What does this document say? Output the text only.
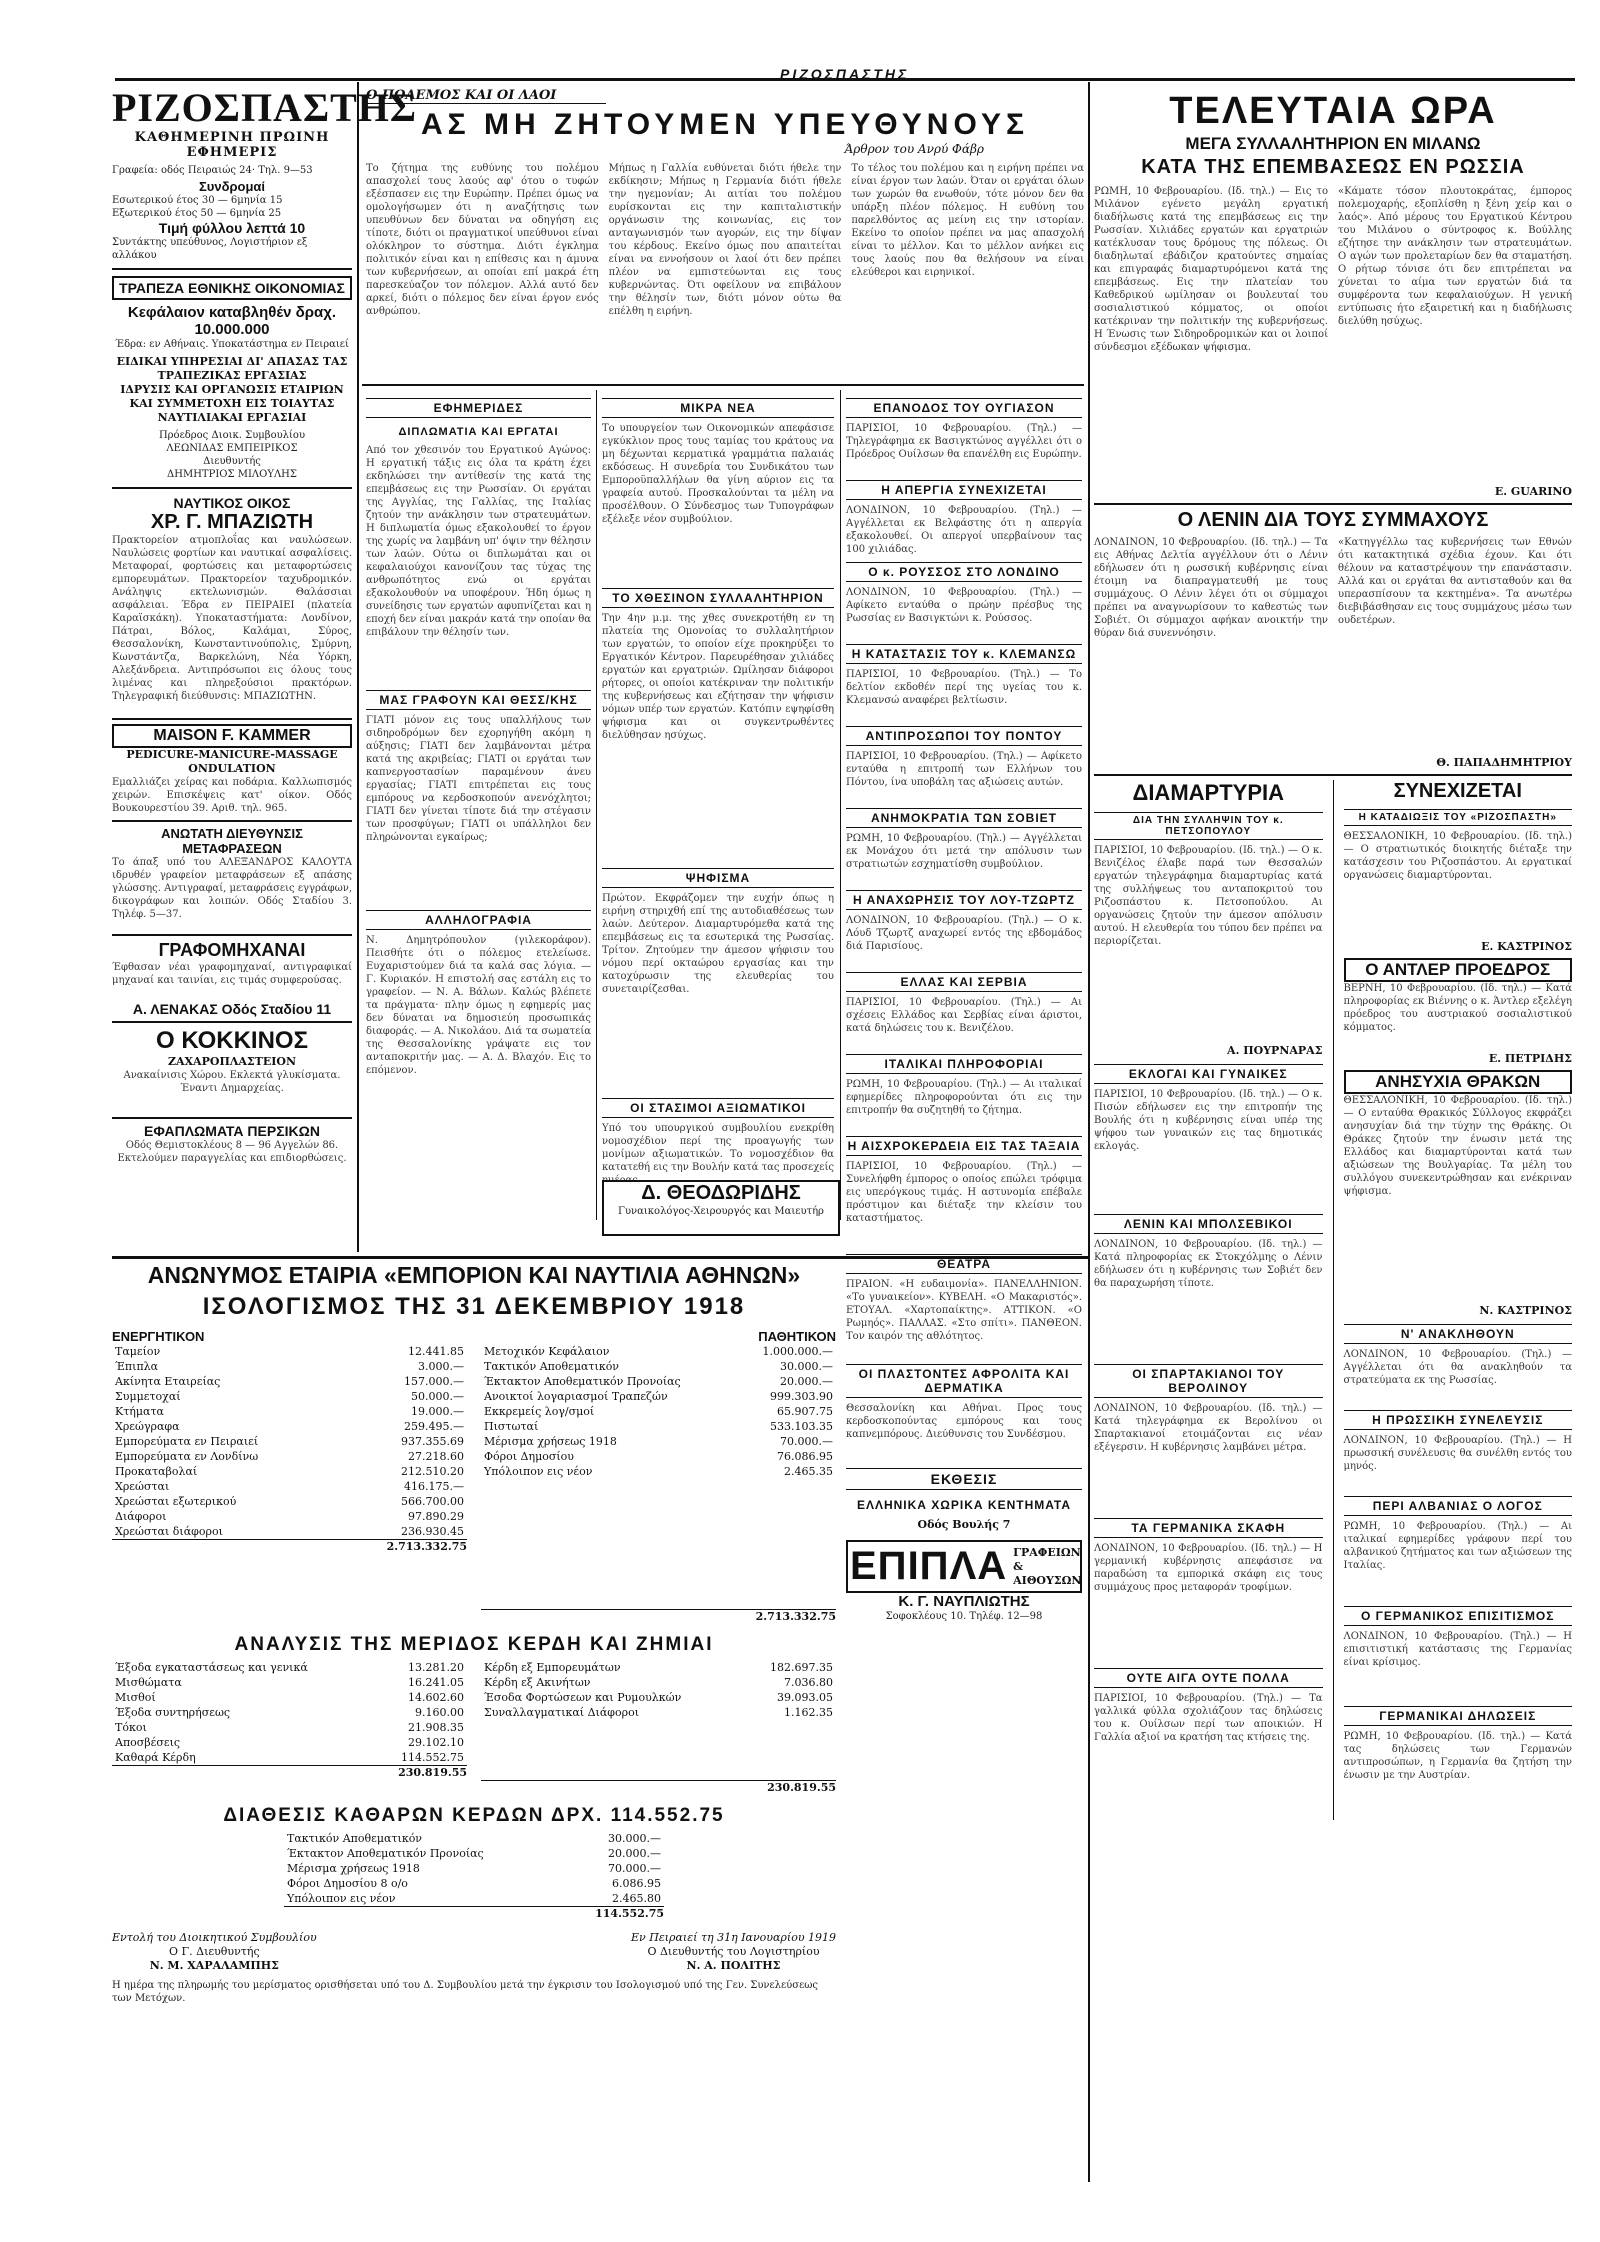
ΡΙΖΟΣΠΑΣΤΗΣ
ΡΙΖΟΣΠΑΣΤΗΣ
ΚΑΘΗΜΕΡΙΝΗ ΠΡΩΙΝΗ ΕΦΗΜΕΡΙΣ
Γραφεία: οδός Πειραιώς 24· Τηλ. 9—53
Συνδρομαί
Εσωτερικού έτος 30 — 6μηνία 15
Εξωτερικού έτος 50 — 6μηνία 25
Τιμή φύλλου λεπτά 10
Συντάκτης υπεύθυνος, Λογιστήριον εξ αλλάκου
ΤΡΑΠΕΖΑ ΕΘΝΙΚΗΣ ΟΙΚΟΝΟΜΙΑΣ
Κεφάλαιον καταβληθέν δραχ. 10.000.000
Έδρα: εν Αθήναις. Υποκατάστημα εν Πειραιεί
ΕΙΔΙΚΑΙ ΥΠΗΡΕΣΙΑΙ ΔΙ' ΑΠΑΣΑΣ ΤΑΣ ΤΡΑΠΕΖΙΚΑΣ ΕΡΓΑΣΙΑΣ
ΙΔΡΥΣΙΣ ΚΑΙ ΟΡΓΑΝΩΣΙΣ ΕΤΑΙΡΙΩΝ ΚΑΙ ΣΥΜΜΕΤΟΧΗ ΕΙΣ ΤΟΙΑΥΤΑΣ
ΝΑΥΤΙΛΙΑΚΑΙ ΕΡΓΑΣΙΑΙ
Πρόεδρος Διοικ. Συμβουλίου
ΛΕΩΝΙΔΑΣ ΕΜΠΕΙΡΙΚΟΣ
Διευθυντής
ΔΗΜΗΤΡΙΟΣ ΜΙΛΟΥΛΗΣ
ΝΑΥΤΙΚΟΣ ΟΙΚΟΣ
ΧΡ. Γ. ΜΠΑΖΙΩΤΗ
Πρακτορείον ατμοπλοΐας και ναυλώσεων. Ναυλώσεις φορτίων και ναυτικαί ασφαλίσεις. Μεταφοραί, φορτώσεις και μεταφορτώσεις εμπορευμάτων. Πρακτορείον ταχυδρομικόν. Ανάληψις εκτελωνισμών. Θαλάσσιαι ασφάλειαι. Έδρα εν ΠΕΙΡΑΙΕΙ (πλατεία Καραϊσκάκη). Υποκαταστήματα: Λονδίνον, Πάτραι, Βόλος, Καλάμαι, Σύρος, Θεσσαλονίκη, Κωνσταντινούπολις, Σμύρνη, Κωνστάντζα, Βαρκελώνη, Νέα Υόρκη, Αλεξάνδρεια. Αντιπρόσωποι εις όλους τους λιμένας και πληρεξούσιοι πρακτόρων. Τηλεγραφική διεύθυνσις: ΜΠΑΖΙΩΤΗΝ.
MAISON F. KAMMER
PEDICURE-MANICURE-MASSAGE ONDULATION
Εμαλλιάζει χείρας και ποδάρια. Καλλωπισμός χειρών. Επισκέψεις κατ' οίκον. Οδός Βουκουρεστίου 39. Αριθ. τηλ. 965.
ΑΝΩΤΑΤΗ ΔΙΕΥΘΥΝΣΙΣ ΜΕΤΑΦΡΑΣΕΩΝ
Το άπαξ υπό του ΑΛΕΞΑΝΔΡΟΣ ΚΑΛΟΥΤΑ ιδρυθέν γραφείον μεταφράσεων εξ απάσης γλώσσης. Αντιγραφαί, μεταφράσεις εγγράφων, δικογράφων και λοιπών. Οδός Σταδίου 3. Τηλέφ. 5—37.
ΓΡΑΦΟΜΗΧΑΝΑΙ
Έφθασαν νέαι γραφομηχαναί, αντιγραφικαί μηχαναί και ταινίαι, εις τιμάς συμφερούσας.
Α. ΛΕΝΑΚΑΣ Οδός Σταδίου 11
Ο ΚΟΚΚΙΝΟΣ
ΖΑΧΑΡΟΠΛΑΣΤΕΙΟΝ
Ανακαίνισις Χώρου. Εκλεκτά γλυκίσματα. Έναντι Δημαρχείας.
ΕΦΑΠΛΩΜΑΤΑ ΠΕΡΣΙΚΩΝ
Οδός Θεμιστοκλέους 8 — 96 Αγγελών 86. Εκτελούμεν παραγγελίας και επιδιορθώσεις.
Ο ΠΟΛΕΜΟΣ ΚΑΙ ΟΙ ΛΑΟΙ
ΑΣ ΜΗ ΖΗΤΟΥΜΕΝ ΥΠΕΥΘΥΝΟΥΣ
Άρθρον του Ανρύ Φάβρ
Το ζήτημα της ευθύνης του πολέμου απασχολεί τους λαούς αφ' ότου ο τυφών εξέσπασεν εις την Ευρώπην. Πρέπει όμως να ομολογήσωμεν ότι η αναζήτησις των υπευθύνων δεν δύναται να οδηγήση εις τίποτε, διότι οι πραγματικοί υπεύθυνοι είναι ολόκληρον το σύστημα. Διότι έγκλημα πολιτικόν είναι και η επίθεσις και η άμυνα των κυβερνήσεων, αι οποίαι επί μακρά έτη παρεσκεύαζον τον πόλεμον. Αλλά αυτό δεν αρκεί, διότι ο πόλεμος δεν είναι έργον ενός ανθρώπου.
Μήπως η Γαλλία ευθύνεται διότι ήθελε την εκδίκησιν; Μήπως η Γερμανία διότι ήθελε την ηγεμονίαν; Αι αιτίαι του πολέμου ευρίσκονται εις την καπιταλιστικήν οργάνωσιν της κοινωνίας, εις τον ανταγωνισμόν των αγορών, εις την δίψαν του κέρδους. Εκείνο όμως που απαιτείται είναι να εννοήσουν οι λαοί ότι δεν πρέπει πλέον να εμπιστεύωνται εις τους κυβερνώντας. Ότι οφείλουν να επιβάλουν την θέλησίν των, διότι μόνον ούτω θα επέλθη η ειρήνη.
Το τέλος του πολέμου και η ειρήνη πρέπει να είναι έργον των λαών. Όταν οι εργάται όλων των χωρών θα ενωθούν, τότε μόνον δεν θα υπάρξη πλέον πόλεμος. Η ευθύνη του παρελθόντος ας μείνη εις την ιστορίαν. Εκείνο το οποίον πρέπει να μας απασχολή είναι το μέλλον. Και το μέλλον ανήκει εις τους λαούς που θα θελήσουν να είναι ελεύθεροι και ειρηνικοί.
ΕΦΗΜΕΡΙΔΕΣ
ΔΙΠΛΩΜΑΤΙΑ ΚΑΙ ΕΡΓΑΤΑΙ
Από τον χθεσινόν του Εργατικού Αγώνος: Η εργατική τάξις εις όλα τα κράτη έχει εκδηλώσει την αντίθεσίν της κατά της επεμβάσεως εις την Ρωσσίαν. Οι εργάται της Αγγλίας, της Γαλλίας, της Ιταλίας ζητούν την ανάκλησιν των στρατευμάτων. Η διπλωματία όμως εξακολουθεί το έργον της χωρίς να λαμβάνη υπ' όψιν την θέλησιν των λαών. Ούτω οι διπλωμάται και οι κεφαλαιούχοι κανονίζουν τας τύχας της ανθρωπότητος ενώ οι εργάται εξακολουθούν να υποφέρουν. Ήδη όμως η συνείδησις των εργατών αφυπνίζεται και η εποχή δεν είναι μακράν κατά την οποίαν θα επιβάλουν την θέλησίν των.
ΜΑΣ ΓΡΑΦΟΥΝ ΚΑΙ ΘΕΣΣ/ΚΗΣ
ΓΙΑΤΙ μόνον εις τους υπαλλήλους των σιδηροδρόμων δεν εχορηγήθη ακόμη η αύξησις; ΓΙΑΤΙ δεν λαμβάνονται μέτρα κατά της ακριβείας; ΓΙΑΤΙ οι εργάται των καπνεργοστασίων παραμένουν άνευ εργασίας; ΓΙΑΤΙ επιτρέπεται εις τους εμπόρους να κερδοσκοπούν ανενόχλητοι; ΓΙΑΤΙ δεν γίνεται τίποτε διά την στέγασιν των προσφύγων; ΓΙΑΤΙ οι υπάλληλοι δεν πληρώνονται εγκαίρως;
ΑΛΛΗΛΟΓΡΑΦΙΑ
Ν. Δημητρόπουλον (γιλεκοράφον). Πεισθήτε ότι ο πόλεμος ετελείωσε. Ευχαριστούμεν διά τα καλά σας λόγια. — Γ. Κυριακόν. Η επιστολή σας εστάλη εις το γραφείον. — Ν. Α. Βάλων. Καλώς βλέπετε τα πράγματα· πλην όμως η εφημερίς μας δεν δύναται να δημοσιεύη προσωπικάς διαφοράς. — Α. Νικολάου. Διά τα σωματεία της Θεσσαλονίκης γράψατε εις τον ανταποκριτήν μας. — Α. Δ. Βλαχόν. Εις το επόμενον.
ΜΙΚΡΑ ΝΕΑ
Το υπουργείον των Οικονομικών απεφάσισε εγκύκλιον προς τους ταμίας του κράτους να μη δέχωνται κερματικά γραμμάτια παλαιάς εκδόσεως. Η συνεδρία του Συνδικάτου των Εμποροϋπαλλήλων θα γίνη αύριον εις τα γραφεία αυτού. Προσκαλούνται τα μέλη να προσέλθουν. Ο Σύνδεσμος των Τυπογράφων εξέλεξε νέον συμβούλιον.
ΤΟ ΧΘΕΣΙΝΟΝ ΣΥΛΛΑΛΗΤΗΡΙΟΝ
Την 4ην μ.μ. της χθες συνεκροτήθη εν τη πλατεία της Ομονοίας το συλλαλητήριον των εργατών, το οποίον είχε προκηρύξει το Εργατικόν Κέντρον. Παρευρέθησαν χιλιάδες εργατών και εργατριών. Ωμίλησαν διάφοροι ρήτορες, οι οποίοι κατέκριναν την πολιτικήν της κυβερνήσεως και εζήτησαν την ψήφισιν νόμων υπέρ των εργατών. Κατόπιν εψηφίσθη ψήφισμα και οι συγκεντρωθέντες διελύθησαν ησύχως.
ΨΗΦΙΣΜΑ
Πρώτον. Εκφράζομεν την ευχήν όπως η ειρήνη στηριχθή επί της αυτοδιαθέσεως των λαών. Δεύτερον. Διαμαρτυρόμεθα κατά της επεμβάσεως εις τα εσωτερικά της Ρωσσίας. Τρίτον. Ζητούμεν την άμεσον ψήφισιν του νόμου περί οκταώρου εργασίας και την κατοχύρωσιν της ελευθερίας του συνεταιρίζεσθαι.
ΟΙ ΣΤΑΣΙΜΟΙ ΑΞΙΩΜΑΤΙΚΟΙ
Υπό του υπουργικού συμβουλίου ενεκρίθη νομοσχέδιον περί της προαγωγής των μονίμων αξιωματικών. Το νομοσχέδιον θα κατατεθή εις την Βουλήν κατά τας προσεχείς
ΕΠΑΝΟΔΟΣ ΤΟΥ ΟΥΓΙΑΣΟΝ
ΠΑΡΙΣΙΟΙ, 10 Φεβρουαρίου. (Τηλ.) — Τηλεγράφημα εκ Βασιγκτώνος αγγέλλει ότι ο Πρόεδρος Ουίλσων θα επανέλθη εις Ευρώπην.
Η ΑΠΕΡΓΙΑ ΣΥΝΕΧΙΖΕΤΑΙ
ΛΟΝΔΙΝΟΝ, 10 Φεβρουαρίου. (Τηλ.) — Αγγέλλεται εκ Βελφάστης ότι η απεργία εξακολουθεί. Οι απεργοί υπερβαίνουν τας 100 χιλιάδας.
Ο κ. ΡΟΥΣΣΟΣ ΣΤΟ ΛΟΝΔΙΝΟ
ΛΟΝΔΙΝΟΝ, 10 Φεβρουαρίου. (Τηλ.) — Αφίκετο ενταύθα ο πρώην πρέσβυς της Ρωσσίας εν Βασιγκτώνι κ. Ρούσσος.
Η ΚΑΤΑΣΤΑΣΙΣ ΤΟΥ κ. ΚΛΕΜΑΝΣΩ
ΠΑΡΙΣΙΟΙ, 10 Φεβρουαρίου. (Τηλ.) — Το δελτίον εκδοθέν περί της υγείας του κ. Κλεμανσώ αναφέρει βελτίωσιν.
ΑΝΤΙΠΡΟΣΩΠΟΙ ΤΟΥ ΠΟΝΤΟΥ
ΠΑΡΙΣΙΟΙ, 10 Φεβρουαρίου. (Τηλ.) — Αφίκετο ενταύθα η επιτροπή των Ελλήνων του Πόντου, ίνα υποβάλη τας αξιώσεις αυτών.
ΑΝΗΜΟΚΡΑΤΙΑ ΤΩΝ ΣΟΒΙΕΤ
ΡΩΜΗ, 10 Φεβρουαρίου. (Τηλ.) — Αγγέλλεται εκ Μονάχου ότι μετά την απόλυσιν των στρατιωτών εσχηματίσθη συμβούλιον.
Η ΑΝΑΧΩΡΗΣΙΣ ΤΟΥ ΛΟΥ-ΤΖΩΡΤΖ
ΛΟΝΔΙΝΟΝ, 10 Φεβρουαρίου. (Τηλ.) — Ο κ. Λόυδ Τζωρτζ αναχωρεί εντός της εβδομάδος διά Παρισίους.
ΕΛΛΑΣ ΚΑΙ ΣΕΡΒΙΑ
ΠΑΡΙΣΙΟΙ, 10 Φεβρουαρίου. (Τηλ.) — Αι σχέσεις Ελλάδος και Σερβίας είναι άριστοι, κατά δηλώσεις του κ. Βενιζέλου.
ΙΤΑΛΙΚΑΙ ΠΛΗΡΟΦΟΡΙΑΙ
ΡΩΜΗ, 10 Φεβρουαρίου. (Τηλ.) — Αι ιταλικαί εφημερίδες πληροφορούνται ότι εις την επιτροπήν θα συζητηθή το ζήτημα.
Η ΑΙΣΧΡΟΚΕΡΔΕΙΑ ΕΙΣ ΤΑΣ ΤΑΞΑΙΑ
ΠΑΡΙΣΙΟΙ, 10 Φεβρουαρίου. (Τηλ.) — Συνελήφθη έμπορος ο οποίος επώλει τρόφιμα εις υπερόγκους τιμάς. Η αστυνομία επέβαλε πρόστιμον και διέταξε την κλείσιν του καταστήματος.
ΘΕΑΤΡΑ
ΠΡΑΙΟΝ. «Η ευδαιμονία». ΠΑΝΕΛΛΗΝΙΟΝ. «Το γυναικείον». ΚΥΒΕΛΗ. «Ο Μακαριστός». ΕΤΟΥΑΛ. «Χαρτοπαίκτης». ΑΤΤΙΚΟΝ. «Ο Ρωμηός». ΠΑΛΛΑΣ. «Στο σπίτι». ΠΑΝΘΕΟΝ. Τον καιρόν της αθλότητος.
ΟΙ ΠΛΑΣΤΟΝΤΕΣ ΑΦΡΟΛΙΤΑ ΚΑΙ ΔΕΡΜΑΤΙΚΑ
Θεσσαλονίκη και Αθήναι. Προς τους κερδοσκοπούντας εμπόρους και τους καπνεμπόρους. Διεύθυνσις του Συνδέσμου.
ΕΚΘΕΣΙΣ
ΕΛΛΗΝΙΚΑ ΧΩΡΙΚΑ ΚΕΝΤΗΜΑΤΑ
Οδός Βουλής 7
ΕΠΙΠΛΑ ΓΡΑΦΕΙΩΝ & ΑΙΘΟΥΣΩΝ
Κ. Γ. ΝΑΥΠΛΙΩΤΗΣ
Σοφοκλέους 10. Τηλέφ. 12—98
Δ. ΘΕΟΔΩΡΙΔΗΣ
Γυναικολόγος-Χειρουργός και Μαιευτήρ
ΤΕΛΕΥΤΑΙΑ ΩΡΑ
ΜΕΓΑ ΣΥΛΛΑΛΗΤΗΡΙΟΝ ΕΝ ΜΙΛΑΝΩ
ΚΑΤΑ ΤΗΣ ΕΠΕΜΒΑΣΕΩΣ ΕΝ ΡΩΣΣΙΑ
ΡΩΜΗ, 10 Φεβρουαρίου. (Ιδ. τηλ.) — Εις το Μιλάνον εγένετο μεγάλη εργατική διαδήλωσις κατά της επεμβάσεως εις την Ρωσσίαν. Χιλιάδες εργατών και εργατριών κατέκλυσαν τους δρόμους της πόλεως. Οι διαδηλωταί εβάδιζον κρατούντες σημαίας και επιγραφάς διαμαρτυρόμενοι κατά της επεμβάσεως. Εις την πλατείαν του Καθεδρικού ωμίλησαν οι βουλευταί του σοσιαλιστικού κόμματος, οι οποίοι κατέκριναν την πολιτικήν της κυβερνήσεως. Η Ένωσις των Σιδηροδρομικών και οι λοιποί σύνδεσμοι εξέδωκαν ψήφισμα.
«Κάματε τόσον πλουτοκράτας, έμπορος πολεμοχαρής, εξοπλίσθη η ξένη χείρ και ο λαός». Από μέρους του Εργατικού Κέντρου του Μιλάνου ο σύντροφος κ. Βούλλης εζήτησε την ανάκλησιν των στρατευμάτων. Ο αγών των προλεταρίων δεν θα σταματήση. Ο ρήτωρ τόνισε ότι δεν επιτρέπεται να χύνεται το αίμα των εργατών διά τα συμφέροντα των κεφαλαιούχων. Η γενική εντύπωσις ήτο εξαιρετική και η διαδήλωσις διελύθη ησύχως.
Ε. GUARINO
Ο ΛΕΝΙΝ ΔΙΑ ΤΟΥΣ ΣΥΜΜΑΧΟΥΣ
ΛΟΝΔΙΝΟΝ, 10 Φεβρουαρίου. (Ιδ. τηλ.) — Τα εις Αθήνας Δελτία αγγέλλουν ότι ο Λένιν εδήλωσεν ότι η ρωσσική κυβέρνησις είναι έτοιμη να διαπραγματευθή με τους συμμάχους. Ο Λένιν λέγει ότι οι σύμμαχοι πρέπει να αναγνωρίσουν το καθεστώς των Σοβιέτ. Οι σύμμαχοι αφήκαν ανοικτήν την θύραν διά συνεννόησιν.
«Κατηγγέλλω τας κυβερνήσεις των Εθνών ότι κατακτητικά σχέδια έχουν. Και ότι θέλουν να καταστρέψουν την επανάστασιν. Αλλά και οι εργάται θα αντισταθούν και θα υπερασπίσουν τα κεκτημένα». Τα ανωτέρω διεβιβάσθησαν εις τους συμμάχους μέσω των ουδετέρων.
Θ. ΠΑΠΑΔΗΜΗΤΡΙΟΥ
ΔΙΑΜΑΡΤΥΡΙΑ
ΔΙΑ ΤΗΝ ΣΥΛΛΗΨΙΝ ΤΟΥ κ. ΠΕΤΣΟΠΟΥΛΟΥ
ΠΑΡΙΣΙΟΙ, 10 Φεβρουαρίου. (Ιδ. τηλ.) — Ο κ. Βενιζέλος έλαβε παρά των Θεσσαλών εργατών τηλεγράφημα διαμαρτυρίας κατά της συλλήψεως του ανταποκριτού του Ριζοσπάστου κ. Πετσοπούλου. Αι οργανώσεις ζητούν την άμεσον απόλυσιν αυτού. Η ελευθερία του τύπου δεν πρέπει να περιορίζεται.
Α. ΠΟΥΡΝΑΡΑΣ
ΕΚΛΟΓΑΙ ΚΑΙ ΓΥΝΑΙΚΕΣ
ΠΑΡΙΣΙΟΙ, 10 Φεβρουαρίου. (Ιδ. τηλ.) — Ο κ. Πισών εδήλωσεν εις την επιτροπήν της Βουλής ότι η κυβέρνησις είναι υπέρ της ψήφου των γυναικών εις τας δημοτικάς εκλογάς.
ΛΕΝΙΝ ΚΑΙ ΜΠΟΛΣΕΒΙΚΟΙ
ΛΟΝΔΙΝΟΝ, 10 Φεβρουαρίου. (Ιδ. τηλ.) — Κατά πληροφορίας εκ Στοκχόλμης ο Λένιν εδήλωσεν ότι η κυβέρνησις των Σοβιέτ δεν θα παραχωρήση τίποτε.
ΟΙ ΣΠΑΡΤΑΚΙΑΝΟΙ ΤΟΥ ΒΕΡΟΛΙΝΟΥ
ΛΟΝΔΙΝΟΝ, 10 Φεβρουαρίου. (Ιδ. τηλ.) — Κατά τηλεγράφημα εκ Βερολίνου οι Σπαρτακιανοί ετοιμάζονται εις νέαν εξέγερσιν. Η κυβέρνησις λαμβάνει μέτρα.
ΤΑ ΓΕΡΜΑΝΙΚΑ ΣΚΑΦΗ
ΛΟΝΔΙΝΟΝ, 10 Φεβρουαρίου. (Ιδ. τηλ.) — Η γερμανική κυβέρνησις απεφάσισε να παραδώση τα εμπορικά σκάφη εις τους συμμάχους προς μεταφοράν τροφίμων.
ΟΥΤΕ ΑΙΓΑ ΟΥΤΕ ΠΟΛΛΑ
ΠΑΡΙΣΙΟΙ, 10 Φεβρουαρίου. (Τηλ.) — Τα γαλλικά φύλλα σχολιάζουν τας δηλώσεις του κ. Ουίλσων περί των αποικιών. Η Γαλλία αξιοί να κρατήση τας κτήσεις της.
ΣΥΝΕΧΙΖΕΤΑΙ
Η ΚΑΤΑΔΙΩΞΙΣ ΤΟΥ «ΡΙΖΟΣΠΑΣΤΗ»
ΘΕΣΣΑΛΟΝΙΚΗ, 10 Φεβρουαρίου. (Ιδ. τηλ.) — Ο στρατιωτικός διοικητής διέταξε την κατάσχεσιν του Ριζοσπάστου. Αι εργατικαί οργανώσεις διαμαρτύρονται.
Ε. ΚΑΣΤΡΙΝΟΣ
Ο ΑΝΤΛΕΡ ΠΡΟΕΔΡΟΣ
ΒΕΡΝΗ, 10 Φεβρουαρίου. (Ιδ. τηλ.) — Κατά πληροφορίας εκ Βιέννης ο κ. Άντλερ εξελέγη πρόεδρος του αυστριακού σοσιαλιστικού κόμματος.
Ε. ΠΕΤΡΙΔΗΣ
ΑΝΗΣΥΧΙΑ ΘΡΑΚΩΝ
ΘΕΣΣΑΛΟΝΙΚΗ, 10 Φεβρουαρίου. (Ιδ. τηλ.) — Ο ενταύθα Θρακικός Σύλλογος εκφράζει ανησυχίαν διά την τύχην της Θράκης. Οι Θράκες ζητούν την ένωσιν μετά της Ελλάδος και διαμαρτύρονται κατά των αξιώσεων της Βουλγαρίας. Τα μέλη του συλλόγου συνεκεντρώθησαν και ενέκριναν ψήφισμα.
Ν. ΚΑΣΤΡΙΝΟΣ
Ν' ΑΝΑΚΛΗΘΟΥΝ
ΛΟΝΔΙΝΟΝ, 10 Φεβρουαρίου. (Τηλ.) — Αγγέλλεται ότι θα ανακληθούν τα στρατεύματα εκ της Ρωσσίας.
Η ΠΡΩΣΣΙΚΗ ΣΥΝΕΛΕΥΣΙΣ
ΛΟΝΔΙΝΟΝ, 10 Φεβρουαρίου. (Τηλ.) — Η πρωσσική συνέλευσις θα συνέλθη εντός του μηνός.
ΠΕΡΙ ΑΛΒΑΝΙΑΣ Ο ΛΟΓΟΣ
ΡΩΜΗ, 10 Φεβρουαρίου. (Τηλ.) — Αι ιταλικαί εφημερίδες γράφουν περί του αλβανικού ζητήματος και των αξιώσεων της Ιταλίας.
Ο ΓΕΡΜΑΝΙΚΟΣ ΕΠΙΣΙΤΙΣΜΟΣ
ΛΟΝΔΙΝΟΝ, 10 Φεβρουαρίου. (Τηλ.) — Η επισιτιστική κατάστασις της Γερμανίας είναι κρίσιμος.
ΓΕΡΜΑΝΙΚΑΙ ΔΗΛΩΣΕΙΣ
ΡΩΜΗ, 10 Φεβρουαρίου. (Ιδ. τηλ.) — Κατά τας δηλώσεις των Γερμανών αντιπροσώπων, η Γερμανία θα ζητήση την ένωσιν με την Αυστρίαν.
ΑΝΩΝΥΜΟΣ ΕΤΑΙΡΙΑ «ΕΜΠΟΡΙΟΝ ΚΑΙ ΝΑΥΤΙΛΙΑ ΑΘΗΝΩΝ»
ΙΣΟΛΟΓΙΣΜΟΣ ΤΗΣ 31 ΔΕΚΕΜΒΡΙΟΥ 1918
ΕΝΕΡΓΗΤΙΚΟΝ
Ταμείον	12.441.85
Έπιπλα	3.000.—
Ακίνητα Εταιρείας	157.000.—
Συμμετοχαί	50.000.—
Κτήματα	19.000.—
Χρεώγραφα	259.495.—
Εμπορεύματα εν Πειραιεί	937.355.69
Εμπορεύματα εν Λονδίνω	27.218.60
Προκαταβολαί	212.510.20
Χρεώσται	416.175.—
Χρεώσται εξωτερικού	566.700.00
Διάφοροι	97.890.29
Χρεώσται διάφοροι	236.930.45
2.713.332.75
ΠΑΘΗΤΙΚΟΝ
Μετοχικόν Κεφάλαιον	1.000.000.—
Τακτικόν Αποθεματικόν	30.000.—
Έκτακτον Αποθεματικόν Προνοίας	20.000.—
Ανοικτοί λογαριασμοί Τραπεζών	999.303.90
Εκκρεμείς λογ/σμοί	65.907.75
Πιστωταί	533.103.35
Μέρισμα χρήσεως 1918	70.000.—
Φόροι Δημοσίου	76.086.95
Υπόλοιπον εις νέον	2.465.35
2.713.332.75
ΑΝΑΛΥΣΙΣ ΤΗΣ ΜΕΡΙΔΟΣ ΚΕΡΔΗ ΚΑΙ ΖΗΜΙΑΙ
Έξοδα εγκαταστάσεως και γενικά	13.281.20
Μισθώματα	16.241.05
Μισθοί	14.602.60
Έξοδα συντηρήσεως	9.160.00
Τόκοι	21.908.35
Αποσβέσεις	29.102.10
Καθαρά Κέρδη	114.552.75
230.819.55
Κέρδη εξ Εμπορευμάτων	182.697.35
Κέρδη εξ Ακινήτων	7.036.80
Έσοδα Φορτώσεων και Ρυμουλκών	39.093.05
Συναλλαγματικαί Διάφοροι	1.162.35
230.819.55
ΔΙΑΘΕΣΙΣ ΚΑΘΑΡΩΝ ΚΕΡΔΩΝ ΔΡΧ. 114.552.75
Τακτικόν Αποθεματικόν	30.000.—
Έκτακτον Αποθεματικόν Προνοίας	20.000.—
Μέρισμα χρήσεως 1918	70.000.—
Φόροι Δημοσίου 8 ο/ο	6.086.95
Υπόλοιπον εις νέον	2.465.80
114.552.75
Εντολή του Διοικητικού Συμβουλίου
Ο Γ. Διευθυντής
Ν. Μ. ΧΑΡΑΛΑΜΠΗΣ
Εν Πειραιεί τη 31η Ιανουαρίου 1919
Ο Διευθυντής του Λογιστηρίου
Ν. Α. ΠΟΛΙΤΗΣ
Η ημέρα της πληρωμής του μερίσματος ορισθήσεται υπό του Δ. Συμβουλίου μετά την έγκρισιν του Ισολογισμού υπό της Γεν. Συνελεύσεως των Μετόχων.
